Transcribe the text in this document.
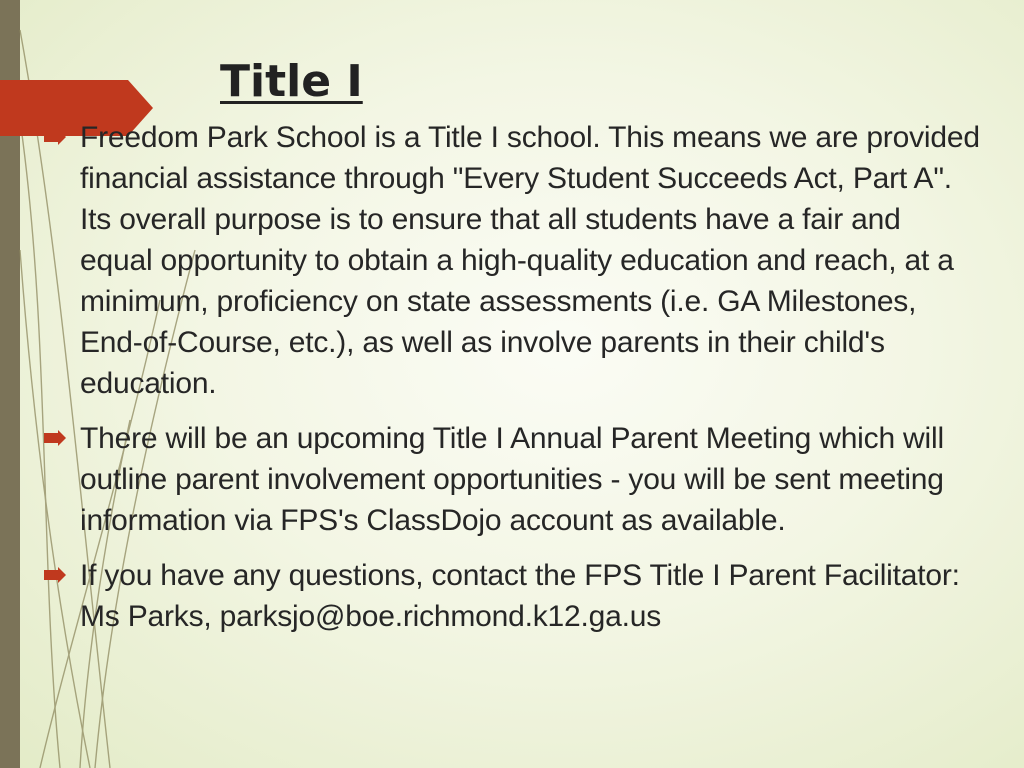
Title I
Freedom Park School is a Title I school. This means we are provided financial assistance through "Every Student Succeeds Act, Part A". Its overall purpose is to ensure that all students have a fair and equal opportunity to obtain a high-quality education and reach, at a minimum, proficiency on state assessments (i.e. GA Milestones, End-of-Course, etc.), as well as involve parents in their child's education.
There will be an upcoming Title I Annual Parent Meeting which will outline parent involvement opportunities - you will be sent meeting information via FPS's ClassDojo account as available.
If you have any questions, contact the FPS Title I Parent Facilitator: Ms Parks, parksjo@boe.richmond.k12.ga.us
